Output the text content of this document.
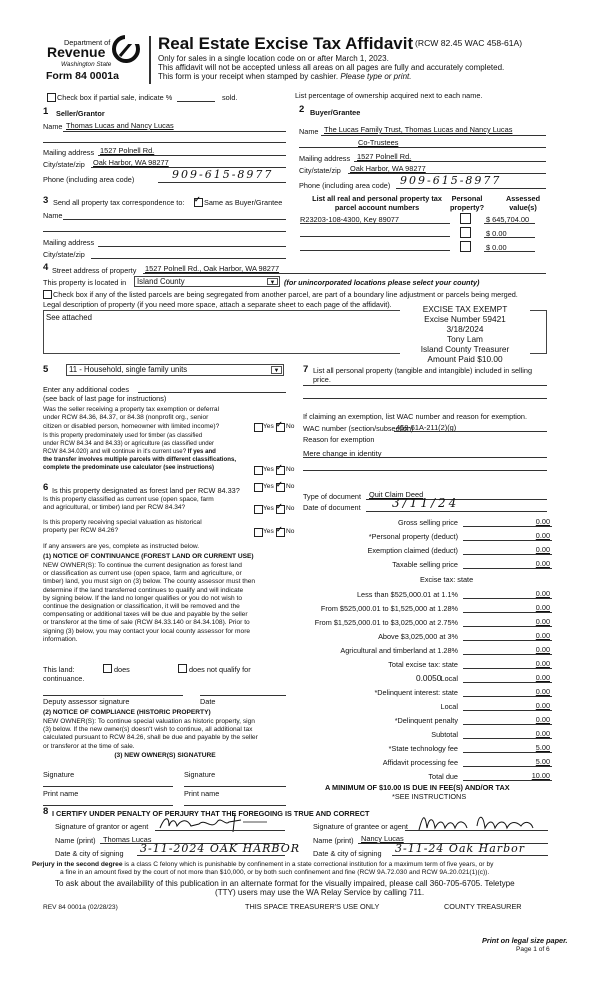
Department of
Revenue
Washington State
Form 84 0001a
Real Estate Excise Tax Affidavit (RCW 82.45 WAC 458-61A)
Only for sales in a single location code on or after March 1, 2023.
This affidavit will not be accepted unless all areas on all pages are fully and accurately completed.
This form is your receipt when stamped by cashier. Please type or print.
Check box if partial sale, indicate %	sold.	List percentage of ownership acquired next to each name.
1 Seller/Grantor
Name Thomas Lucas and Nancy Lucas
Mailing address 1527 Polnell Rd.
City/state/zip Oak Harbor, WA 98277
Phone (including area code)	909-615-8977
2 Buyer/Grantee
Name The Lucas Family Trust, Thomas Lucas and Nancy Lucas
Co-Trustees
Mailing address 1527 Polnell Rd.
City/state/zip Oak Harbor, WA 98277
Phone (including area code) 909-615-8977
3 Send all property tax correspondence to: ✓ Same as Buyer/Grantee
Name
Mailing address
City/state/zip
List all real and personal property tax parcel account numbers
Personal property?
Assessed value(s)
R23203-108-4300, Key 89077	$ 645,704.00
$ 0.00
$ 0.00
4 Street address of property 1527 Polnell Rd., Oak Harbor, WA 98277
This property is located in	Island County	▼	(for unincorporated locations please select your county)
Check box if any of the listed parcels are being segregated from another parcel, are part of a boundary line adjustment or parcels being merged.
Legal description of property (if you need more space, attach a separate sheet to each page of the affidavit).
See attached
EXCISE TAX EXEMPT
Excise Number 59421
3/18/2024
Tony Lam
Island County Treasurer
Amount Paid $10.00
5	11 - Household, single family units	▼
Enter any additional codes
(see back of last page for instructions)
Was the seller receiving a property tax exemption or deferral
under RCW 84.36, 84.37, or 84.38 (nonprofit org., senior
citizen or disabled person, homeowner with limited income)?	Yes ✓ No
Is this property predominately used for timber (as classified
under RCW 84.34 and 84.33) or agriculture (as classified under
RCW 84.34.020) and will continue in it's current use? If yes and
the transfer involves multiple parcels with different classifications,
complete the predominate use calculator (see instructions)	Yes ✓ No
7 List all personal property (tangible and intangible) included in selling price.
If claiming an exemption, list WAC number and reason for exemption.
WAC number (section/subsection)
458-61A-211(2)(g)
Reason for exemption
Mere change in identity
6 Is this property designated as forest land per RCW 84.33?	Yes ✓ No
Is this property classified as current use (open space, farm
and agricultural, or timber) land per RCW 84.34?	Yes ✓ No
Is this property receiving special valuation as historical
property per RCW 84.26?	Yes ✓ No
If any answers are yes, complete as instructed below.
(1) NOTICE OF CONTINUANCE (FOREST LAND OR CURRENT USE)
NEW OWNER(S): To continue the current designation as forest land
or classification as current use (open space, farm and agriculture, or
timber) land, you must sign on (3) below. The county assessor must then
determine if the land transferred continues to qualify and will indicate
by signing below. If the land no longer qualifies or you do not wish to
continue the designation or classification, it will be removed and the
compensating or additional taxes will be due and payable by the seller
or transferor at the time of sale (RCW 84.33.140 or 84.34.108). Prior to
signing (3) below, you may contact your local county assessor for more
information.
This land:	does	does not qualify for
continuance.
Deputy assessor signature	Date
(2) NOTICE OF COMPLIANCE (HISTORIC PROPERTY)
NEW OWNER(S): To continue special valuation as historic property, sign
(3) below. If the new owner(s) doesn't wish to continue, all additional tax
calculated pursuant to RCW 84.26, shall be due and payable by the seller
or transferor at the time of sale.
(3) NEW OWNER(S) SIGNATURE
Signature	Signature
Print name	Print name
Type of document Quit Claim Deed
Date of document	3/11/24
Gross selling price	0.00
*Personal property (deduct)	0.00
Exemption claimed (deduct)	0.00
Taxable selling price	0.00
Excise tax: state
Less than $525,000.01 at 1.1%	0.00
From $525,000.01 to $1,525,000 at 1.28%	0.00
From $1,525,000.01 to $3,025,000 at 2.75%	0.00
Above $3,025,000 at 3%	0.00
Agricultural and timberland at 1.28%	0.00
Total excise tax: state	0.00
0.0050 Local	0.00
*Delinquent interest: state	0.00
Local	0.00
*Delinquent penalty	0.00
Subtotal	0.00
*State technology fee	5.00
Affidavit processing fee	5.00
Total due	10.00
A MINIMUM OF $10.00 IS DUE IN FEE(S) AND/OR TAX
*SEE INSTRUCTIONS
8 I CERTIFY UNDER PENALTY OF PERJURY THAT THE FOREGOING IS TRUE AND CORRECT
Signature of grantor or agent
Name (print) Thomas Lucas
Date & city of signing 3-11-2024 OAK HARBOR
Signature of grantee or agent
Name (print) Nancy Lucas
Date & city of signing 3-11-24 Oak Harbor
Perjury in the second degree is a class C felony which is punishable by confinement in a state correctional institution for a maximum term of five years, or by
a fine in an amount fixed by the court of not more than $10,000, or by both such confinement and fine (RCW 9A.72.030 and RCW 9A.20.021(1)(c)).
To ask about the availability of this publication in an alternate format for the visually impaired, please call 360-705-6705. Teletype
(TTY) users may use the WA Relay Service by calling 711.
REV 84 0001a (02/28/23)	THIS SPACE TREASURER'S USE ONLY	COUNTY TREASURER
Print on legal size paper.
Page 1 of 6
